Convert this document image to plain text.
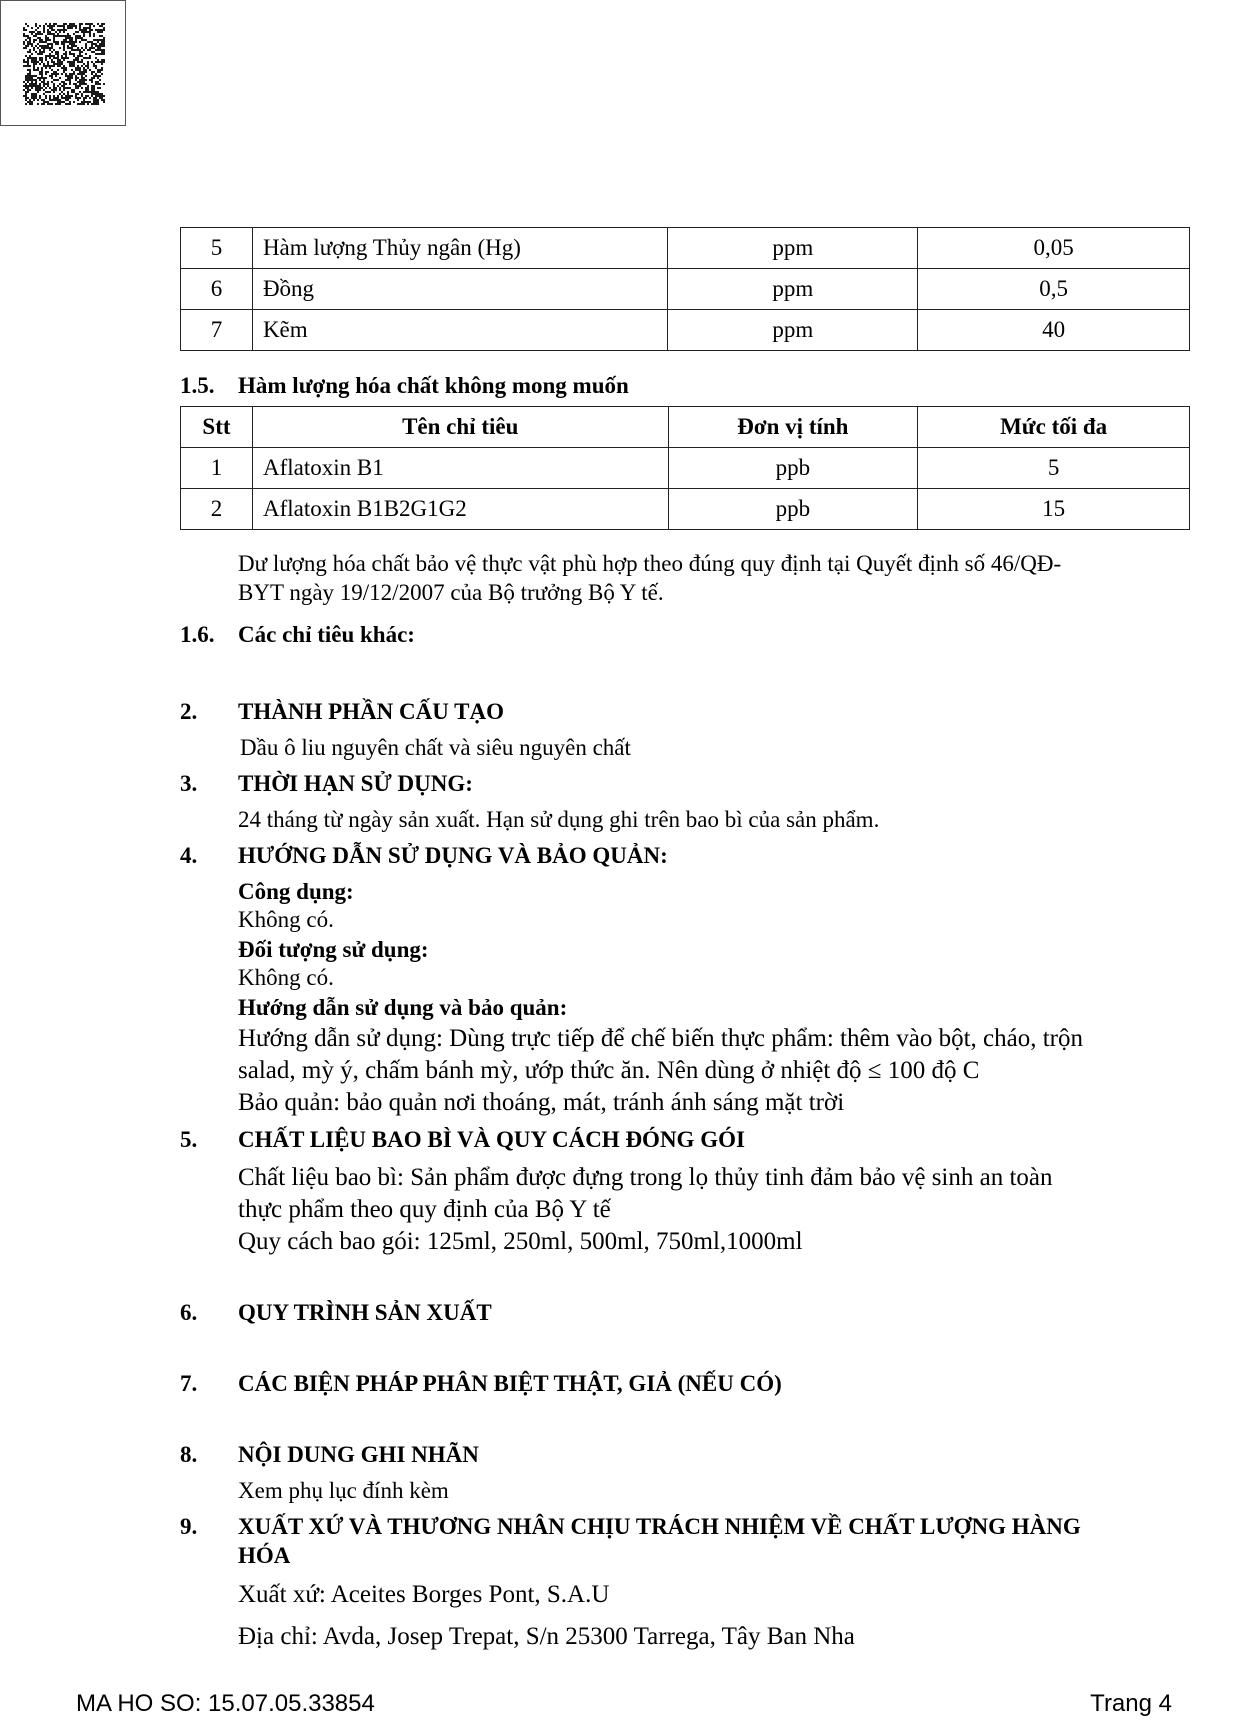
5	Hàm lượng Thủy ngân (Hg)	ppm	0,05
6	Đồng	ppm	0,5
7	Kẽm	ppm	40
1.5. Hàm lượng hóa chất không mong muốn
Stt	Tên chỉ tiêu	Đơn vị tính	Mức tối đa
1	Aflatoxin B1	ppb	5
2	Aflatoxin B1B2G1G2	ppb	15
Dư lượng hóa chất bảo vệ thực vật phù hợp theo đúng quy định tại Quyết định số 46/QĐ-
BYT ngày 19/12/2007 của Bộ trưởng Bộ Y tế.
1.6. Các chỉ tiêu khác:
2. THÀNH PHẦN CẤU TẠO
Dầu ô liu nguyên chất và siêu nguyên chất
3. THỜI HẠN SỬ DỤNG:
24 tháng từ ngày sản xuất. Hạn sử dụng ghi trên bao bì của sản phẩm.
4. HƯỚNG DẪN SỬ DỤNG VÀ BẢO QUẢN:
Công dụng:
Không có.
Đối tượng sử dụng:
Không có.
Hướng dẫn sử dụng và bảo quản:
Hướng dẫn sử dụng: Dùng trực tiếp để chế biến thực phẩm: thêm vào bột, cháo, trộn
salad, mỳ ý, chấm bánh mỳ, ướp thức ăn. Nên dùng ở nhiệt độ ≤ 100 độ C
Bảo quản: bảo quản nơi thoáng, mát, tránh ánh sáng mặt trời
5. CHẤT LIỆU BAO BÌ VÀ QUY CÁCH ĐÓNG GÓI
Chất liệu bao bì: Sản phẩm được đựng trong lọ thủy tinh đảm bảo vệ sinh an toàn
thực phẩm theo quy định của Bộ Y tế
Quy cách bao gói: 125ml, 250ml, 500ml, 750ml,1000ml
6. QUY TRÌNH SẢN XUẤT
7. CÁC BIỆN PHÁP PHÂN BIỆT THẬT, GIẢ (NẾU CÓ)
8. NỘI DUNG GHI NHÃN
Xem phụ lục đính kèm
9. XUẤT XỨ VÀ THƯƠNG NHÂN CHỊU TRÁCH NHIỆM VỀ CHẤT LƯỢNG HÀNG
HÓA
Xuất xứ: Aceites Borges Pont, S.A.U
Địa chỉ: Avda, Josep Trepat, S/n 25300 Tarrega, Tây Ban Nha
MA HO SO: 15.07.05.33854	Trang 4
